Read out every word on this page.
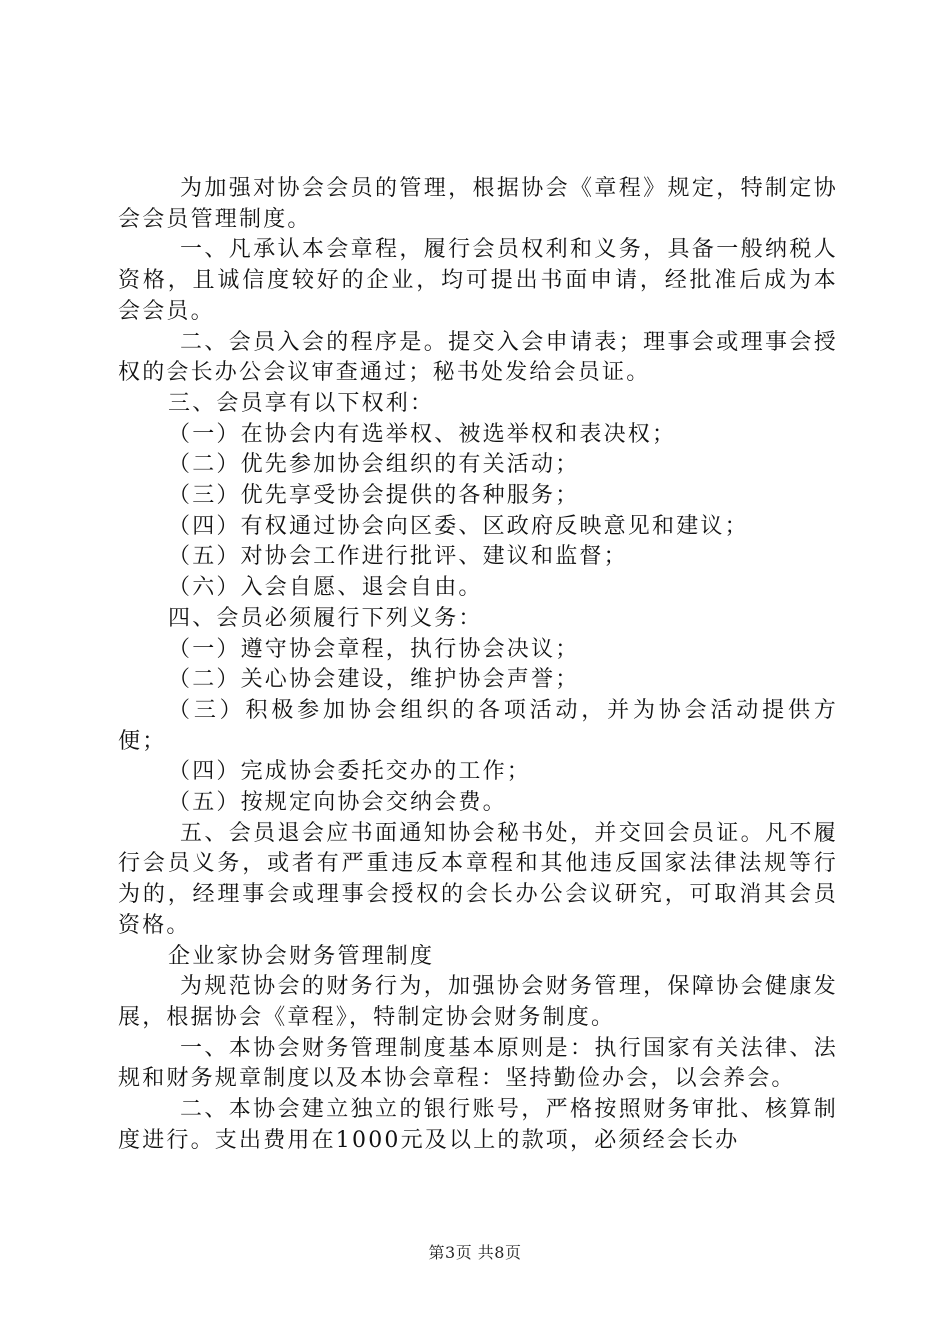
为加强对协会会员的管理，根据协会《章程》规定，特制定协会会员管理制度。

一、凡承认本会章程，履行会员权利和义务，具备一般纳税人资格，且诚信度较好的企业，均可提出书面申请，经批准后成为本会会员。

二、会员入会的程序是。提交入会申请表；理事会或理事会授权的会长办公会议审查通过；秘书处发给会员证。

三、会员享有以下权利：

（一）在协会内有选举权、被选举权和表决权；

（二）优先参加协会组织的有关活动；

（三）优先享受协会提供的各种服务；

（四）有权通过协会向区委、区政府反映意见和建议；

（五）对协会工作进行批评、建议和监督；

（六）入会自愿、退会自由。

四、会员必须履行下列义务：

（一）遵守协会章程，执行协会决议；

（二）关心协会建设，维护协会声誉；

（三）积极参加协会组织的各项活动，并为协会活动提供方便；

（四）完成协会委托交办的工作；

（五）按规定向协会交纳会费。

五、会员退会应书面通知协会秘书处，并交回会员证。凡不履行会员义务，或者有严重违反本章程和其他违反国家法律法规等行为的，经理事会或理事会授权的会长办公会议研究，可取消其会员资格。

企业家协会财务管理制度

为规范协会的财务行为，加强协会财务管理，保障协会健康发展，根据协会《章程》，特制定协会财务制度。

一、本协会财务管理制度基本原则是：执行国家有关法律、法规和财务规章制度以及本协会章程：坚持勤俭办会，以会养会。

二、本协会建立独立的银行账号，严格按照财务审批、核算制度进行。支出费用在1000元及以上的款项，必须经会长办

第3页 共8页
